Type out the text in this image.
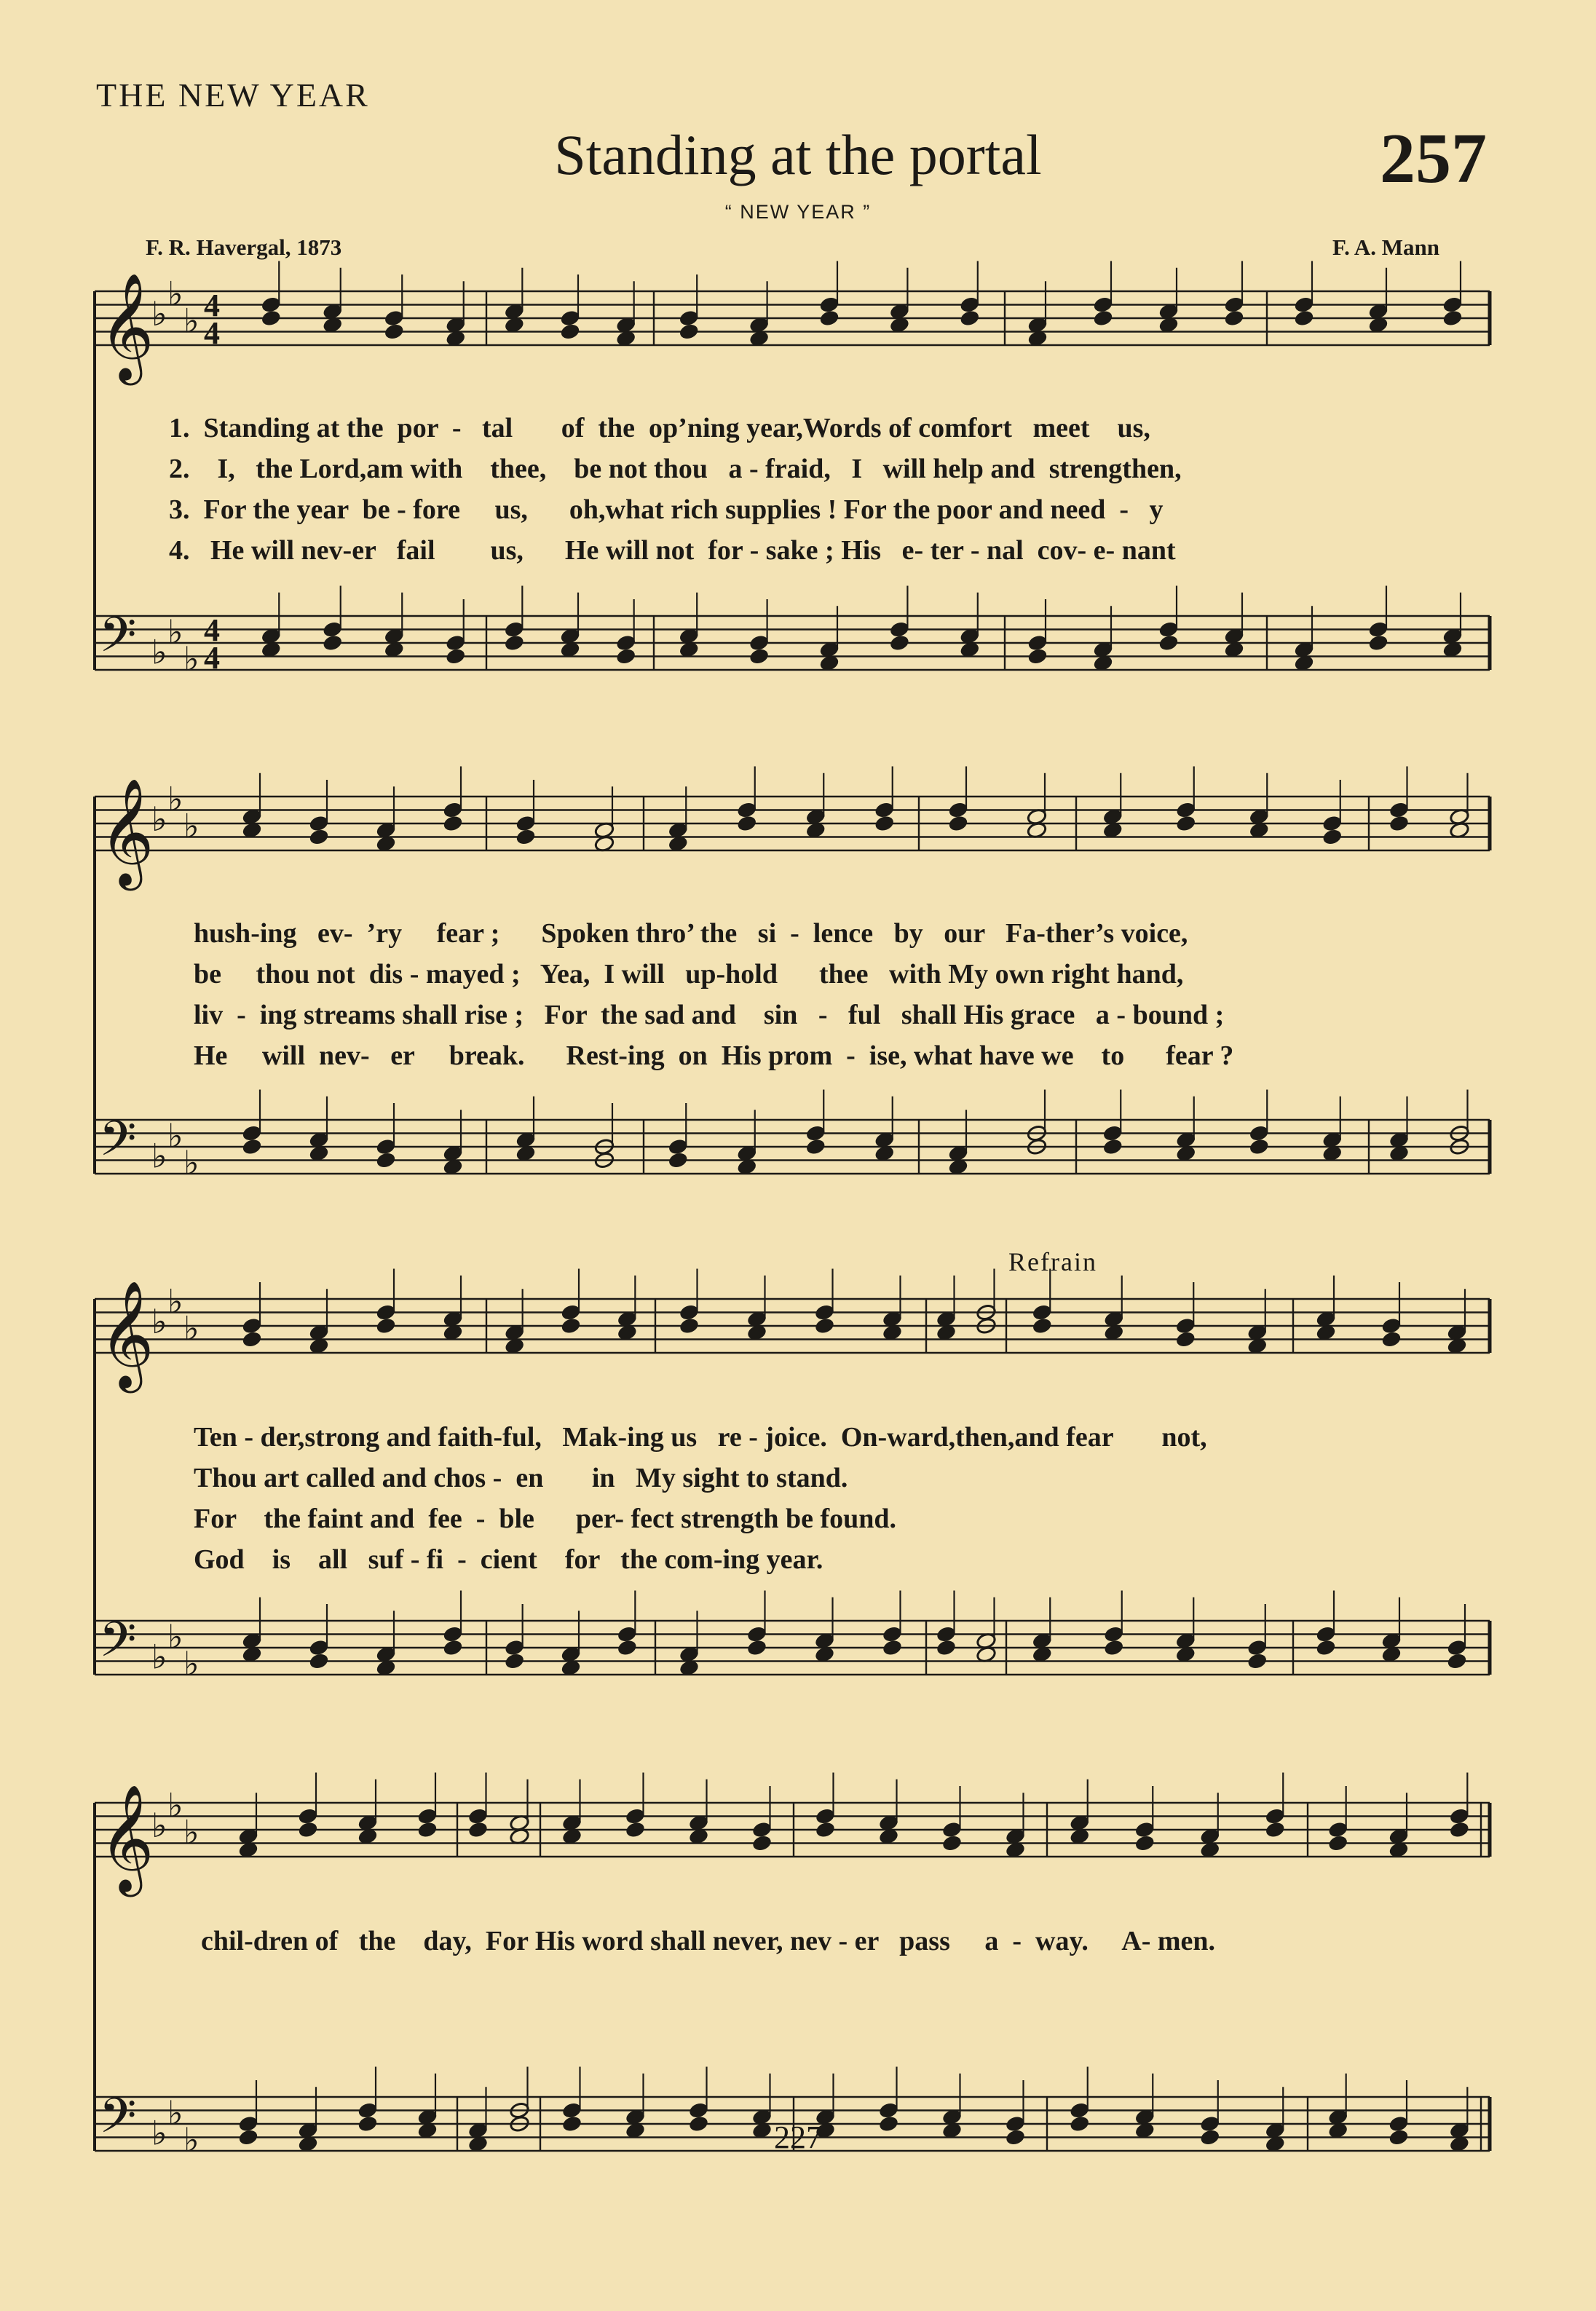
THE NEW YEAR
Standing at the portal	257
“ NEW YEAR ”
F. R. Havergal, 1873	F. A. Mann
𝄞
♭
♭
♭ 4
4
𝄢 ♭
♭
♭
4
4
𝄞
♭
♭
♭
𝄢 ♭
♭
♭
𝄞
♭
♭
♭
𝄢 ♭
♭
♭
𝄞
♭
♭
♭
𝄢 ♭
♭
♭
1.  Standing at the  por  -   tal       of  the  op’ning year,Words of comfort   meet    us,
2.    I,   the Lord,am with    thee,    be not thou   a - fraid,   I   will help and  strengthen,
3.  For the year  be - fore     us,      oh,what rich supplies ! For the poor and need  -   y
4.   He will nev-er   fail        us,      He will not  for - sake ; His   e- ter - nal  cov- e- nant
hush-ing   ev-  ’ry     fear ;      Spoken thro’ the   si  -  lence   by   our   Fa-ther’s voice,
be     thou not  dis - mayed ;   Yea,  I will   up-hold      thee   with My own right hand,
liv  -  ing streams shall rise ;   For  the sad and    sin   -   ful   shall His grace   a - bound ;
He     will  nev-   er     break.      Rest-ing  on  His prom  -  ise, what have we    to      fear ?
Refrain
Ten - der,strong and faith-ful,   Mak-ing us   re - joice.  On-ward,then,and fear       not,
Thou art called and chos -  en       in   My sight to stand.
For    the faint and  fee  -  ble      per- fect strength be found.
God    is    all   suf - fi  -  cient    for   the com-ing year.
chil-dren of   the    day,  For His word shall never, nev - er   pass     a  -  way.     A- men.
227
